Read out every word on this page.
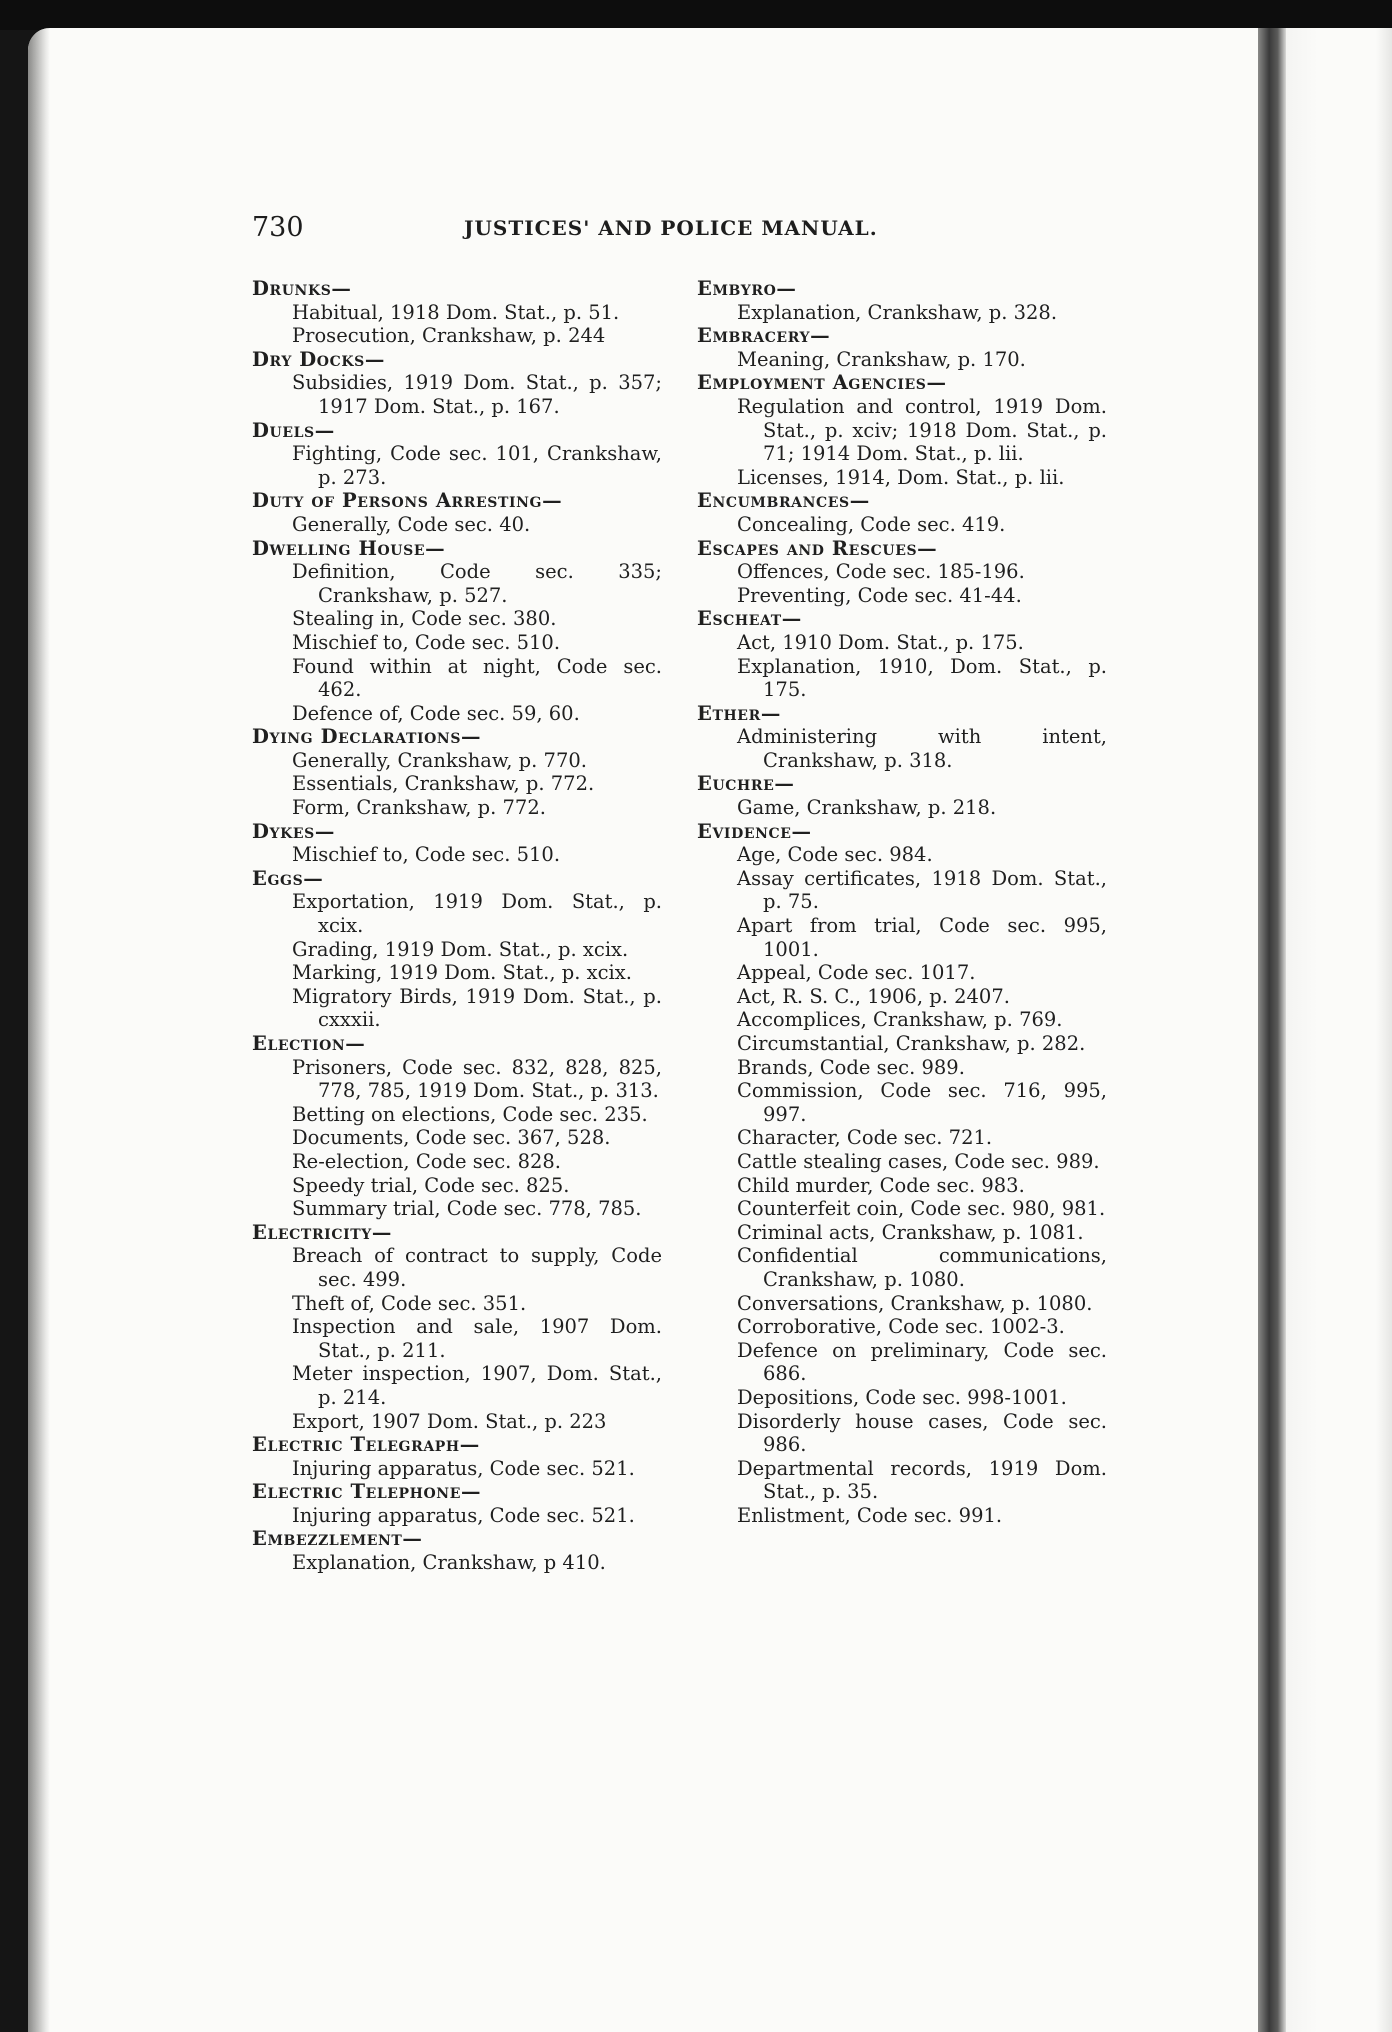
730	JUSTICES' AND POLICE MANUAL.
Drunks—
Habitual, 1918 Dom. Stat., p. 51.
Prosecution, Crankshaw, p. 244
Dry Docks—
Subsidies, 1919 Dom. Stat., p. 357; 1917 Dom. Stat., p. 167.
Duels—
Fighting, Code sec. 101, Crankshaw, p. 273.
Duty of Persons Arresting—
Generally, Code sec. 40.
Dwelling House—
Definition, Code sec. 335; Crankshaw, p. 527.
Stealing in, Code sec. 380.
Mischief to, Code sec. 510.
Found within at night, Code sec. 462.
Defence of, Code sec. 59, 60.
Dying Declarations—
Generally, Crankshaw, p. 770.
Essentials, Crankshaw, p. 772.
Form, Crankshaw, p. 772.
Dykes—
Mischief to, Code sec. 510.
Eggs—
Exportation, 1919 Dom. Stat., p. xcix.
Grading, 1919 Dom. Stat., p. xcix.
Marking, 1919 Dom. Stat., p. xcix.
Migratory Birds, 1919 Dom. Stat., p. cxxxii.
Election—
Prisoners, Code sec. 832, 828, 825, 778, 785, 1919 Dom. Stat., p. 313.
Betting on elections, Code sec. 235.
Documents, Code sec. 367, 528.
Re-election, Code sec. 828.
Speedy trial, Code sec. 825.
Summary trial, Code sec. 778, 785.
Electricity—
Breach of contract to supply, Code sec. 499.
Theft of, Code sec. 351.
Inspection and sale, 1907 Dom. Stat., p. 211.
Meter inspection, 1907, Dom. Stat., p. 214.
Export, 1907 Dom. Stat., p. 223
Electric Telegraph—
Injuring apparatus, Code sec. 521.
Electric Telephone—
Injuring apparatus, Code sec. 521.
Embezzlement—
Explanation, Crankshaw, p 410.
Embyro—
Explanation, Crankshaw, p. 328.
Embracery—
Meaning, Crankshaw, p. 170.
Employment Agencies—
Regulation and control, 1919 Dom. Stat., p. xciv; 1918 Dom. Stat., p. 71; 1914 Dom. Stat., p. lii.
Licenses, 1914, Dom. Stat., p. lii.
Encumbrances—
Concealing, Code sec. 419.
Escapes and Rescues—
Offences, Code sec. 185-196.
Preventing, Code sec. 41-44.
Escheat—
Act, 1910 Dom. Stat., p. 175.
Explanation, 1910, Dom. Stat., p. 175.
Ether—
Administering with intent, Crankshaw, p. 318.
Euchre—
Game, Crankshaw, p. 218.
Evidence—
Age, Code sec. 984.
Assay certificates, 1918 Dom. Stat., p. 75.
Apart from trial, Code sec. 995, 1001.
Appeal, Code sec. 1017.
Act, R. S. C., 1906, p. 2407.
Accomplices, Crankshaw, p. 769.
Circumstantial, Crankshaw, p. 282.
Brands, Code sec. 989.
Commission, Code sec. 716, 995, 997.
Character, Code sec. 721.
Cattle stealing cases, Code sec. 989.
Child murder, Code sec. 983.
Counterfeit coin, Code sec. 980, 981.
Criminal acts, Crankshaw, p. 1081.
Confidential communications, Crankshaw, p. 1080.
Conversations, Crankshaw, p. 1080.
Corroborative, Code sec. 1002-3.
Defence on preliminary, Code sec. 686.
Depositions, Code sec. 998-1001.
Disorderly house cases, Code sec. 986.
Departmental records, 1919 Dom. Stat., p. 35.
Enlistment, Code sec. 991.
